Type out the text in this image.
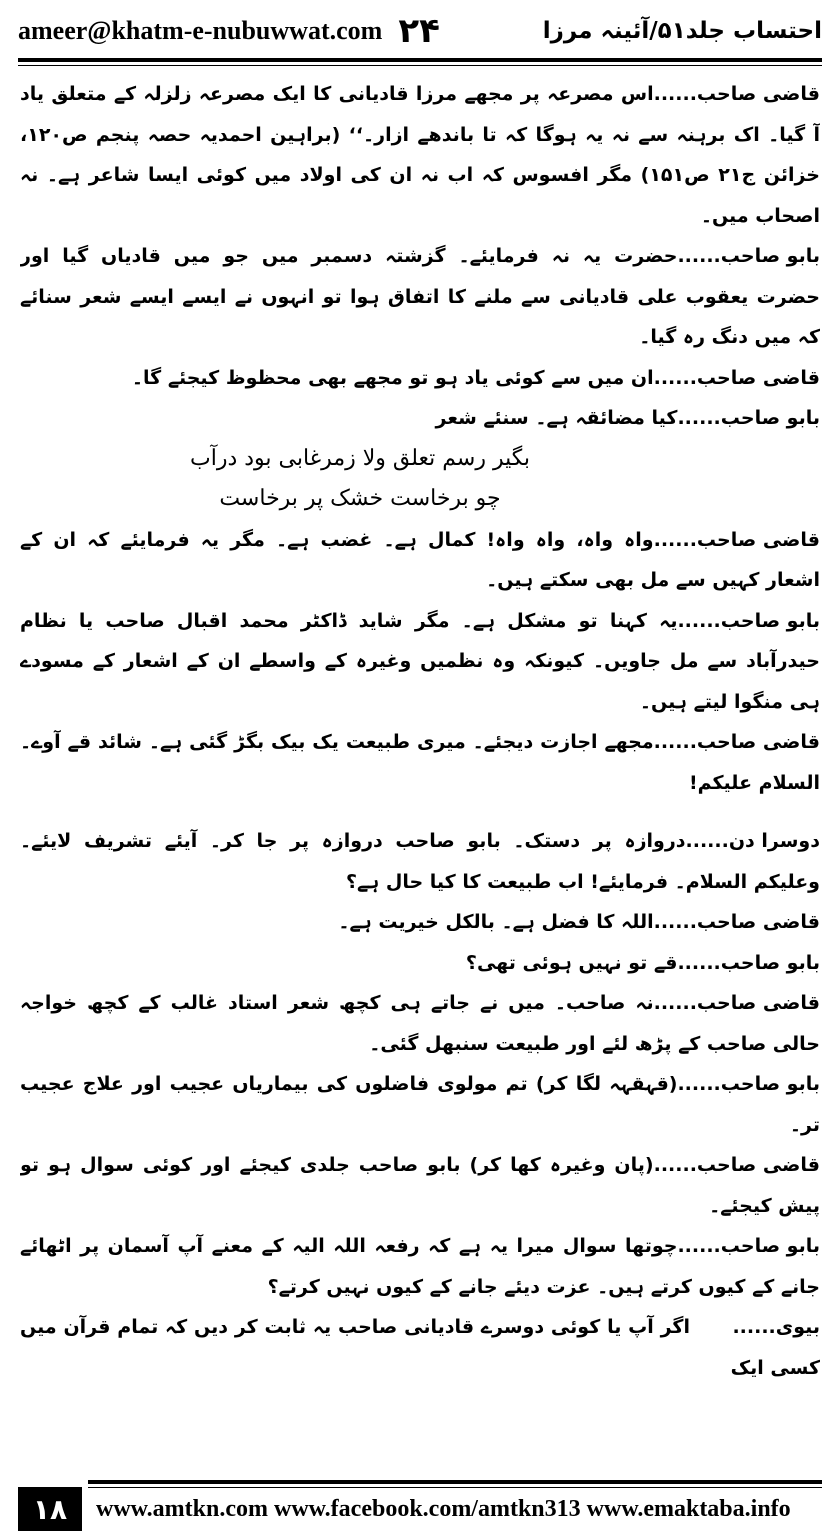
ameer@khatm-e-nubuwwat.com ۲۴	احتساب جلد۵۱/آئینہ مرزا

قاضی صاحب......اس مصرعہ پر مجھے مرزا قادیانی کا ایک مصرعہ زلزلہ کے متعلق یاد آ گیا۔ اک برہنہ سے نہ یہ ہوگا کہ تا باندھے ازار۔‘‘ (براہین احمدیہ حصہ پنجم ص۱۲۰، خزائن ج۲۱ ص۱۵۱) مگر افسوس کہ اب نہ ان کی اولاد میں کوئی ایسا شاعر ہے۔ نہ اصحاب میں۔

بابو صاحب......حضرت یہ نہ فرمایئے۔ گزشتہ دسمبر میں جو میں قادیاں گیا اور حضرت یعقوب علی قادیانی سے ملنے کا اتفاق ہوا تو انہوں نے ایسے ایسے شعر سنائے کہ میں دنگ رہ گیا۔

قاضی صاحب......ان میں سے کوئی یاد ہو تو مجھے بھی محظوظ کیجئے گا۔

بابو صاحب......کیا مضائقہ ہے۔ سنئے شعر

بگیر رسم تعلق ولا زمرغابی بود درآب

چو برخاست خشک پر برخاست

قاضی صاحب......واہ واہ، واہ واہ! کمال ہے۔ غضب ہے۔ مگر یہ فرمایئے کہ ان کے اشعار کہیں سے مل بھی سکتے ہیں۔

بابو صاحب......یہ کہنا تو مشکل ہے۔ مگر شاید ڈاکٹر محمد اقبال صاحب یا نظام حیدرآباد سے مل جاویں۔ کیونکہ وہ نظمیں وغیرہ کے واسطے ان کے اشعار کے مسودے ہی منگوا لیتے ہیں۔

قاضی صاحب......مجھے اجازت دیجئے۔ میری طبیعت یک بیک بگڑ گئی ہے۔ شائد قے آوے۔ السلام علیکم!

دوسرا دن......دروازہ پر دستک۔ بابو صاحب دروازہ پر جا کر۔ آیئے تشریف لایئے۔ وعلیکم السلام۔ فرمایئے! اب طبیعت کا کیا حال ہے؟

قاضی صاحب......اللہ کا فضل ہے۔ بالکل خیریت ہے۔

بابو صاحب......قے تو نہیں ہوئی تھی؟

قاضی صاحب......نہ صاحب۔ میں نے جاتے ہی کچھ شعر استاد غالب کے کچھ خواجہ حالی صاحب کے پڑھ لئے اور طبیعت سنبھل گئی۔

بابو صاحب......(قہقہہ لگا کر) تم مولوی فاضلوں کی بیماریاں عجیب اور علاج عجیب تر۔

قاضی صاحب......(پان وغیرہ کھا کر) بابو صاحب جلدی کیجئے اور کوئی سوال ہو تو پیش کیجئے۔

بابو صاحب......چوتھا سوال میرا یہ ہے کہ رفعہ اللہ الیہ کے معنے آپ آسمان پر اٹھائے جانے کے کیوں کرتے ہیں۔ عزت دیئے جانے کے کیوں نہیں کرتے؟

بیوی......اگر آپ یا کوئی دوسرے قادیانی صاحب یہ ثابت کر دیں کہ تمام قرآن میں کسی ایک

۱۸	www.amtkn.com www.facebook.com/amtkn313 www.emaktaba.info
